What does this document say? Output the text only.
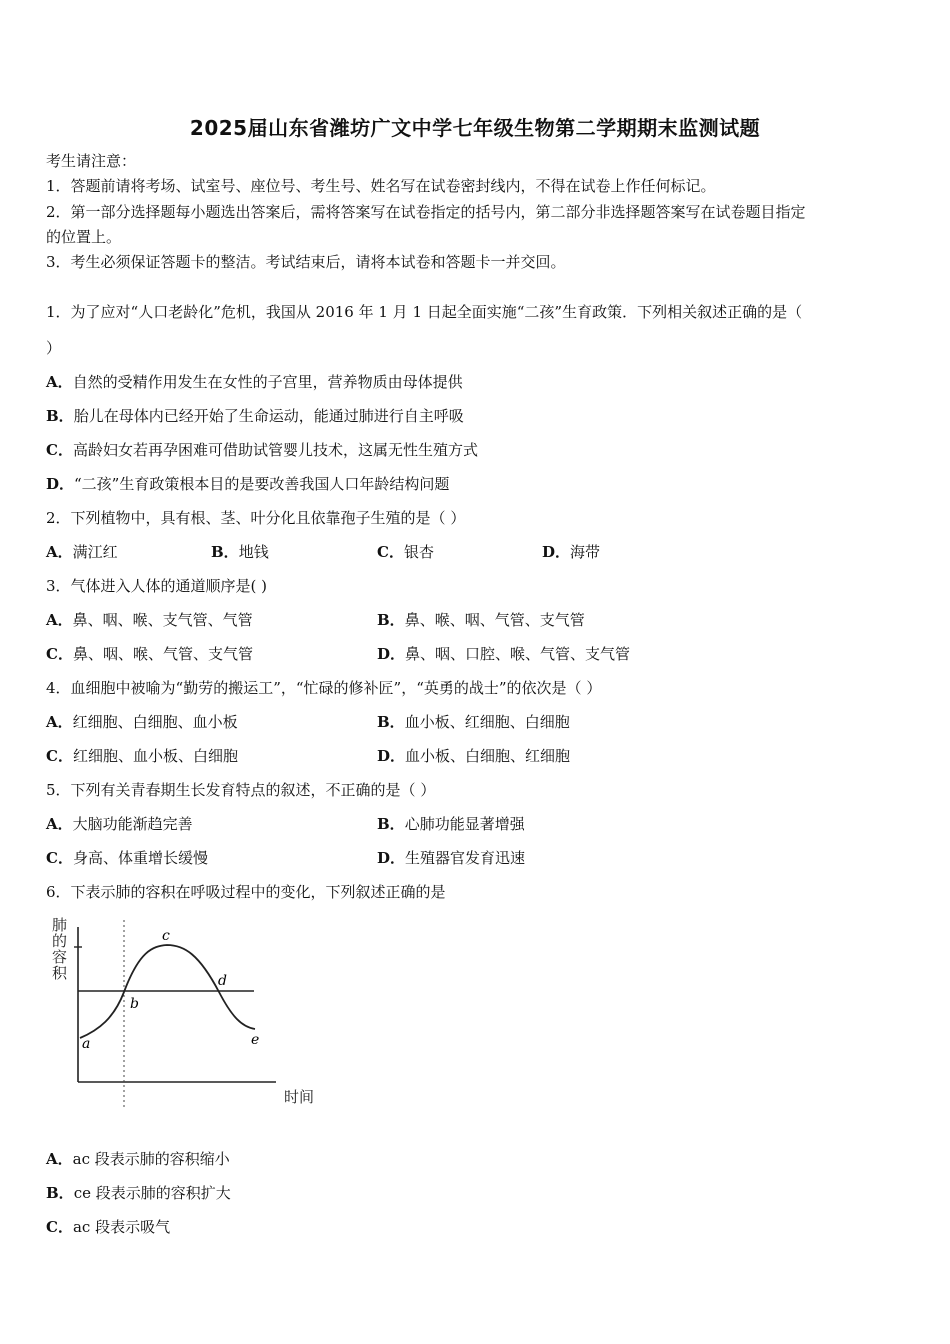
2025届山东省潍坊广文中学七年级生物第二学期期末监测试题
考生请注意：
1．答题前请将考场、试室号、座位号、考生号、姓名写在试卷密封线内，不得在试卷上作任何标记。
2．第一部分选择题每小题选出答案后，需将答案写在试卷指定的括号内，第二部分非选择题答案写在试卷题目指定
的位置上。
3．考生必须保证答题卡的整洁。考试结束后，请将本试卷和答题卡一并交回。
1．为了应对“人口老龄化”危机，我国从 2016 年 1 月 1 日起全面实施“二孩”生育政策．下列相关叙述正确的是（
）
A．自然的受精作用发生在女性的子宫里，营养物质由母体提供
B．胎儿在母体内已经开始了生命运动，能通过肺进行自主呼吸
C．高龄妇女若再孕困难可借助试管婴儿技术，这属无性生殖方式
D．“二孩”生育政策根本目的是要改善我国人口年龄结构问题
2．下列植物中，具有根、茎、叶分化且依靠孢子生殖的是（ ）
A．满江红	B．地钱	C．银杏	D．海带
3．气体进入人体的通道顺序是( )
A．鼻、咽、喉、支气管、气管	B．鼻、喉、咽、气管、支气管
C．鼻、咽、喉、气管、支气管	D．鼻、咽、口腔、喉、气管、支气管
4．血细胞中被喻为“勤劳的搬运工”，“忙碌的修补匠”，“英勇的战士”的依次是（ ）
A．红细胞、白细胞、血小板	B．血小板、红细胞、白细胞
C．红细胞、血小板、白细胞	D．血小板、白细胞、红细胞
5．下列有关青春期生长发育特点的叙述，不正确的是（ ）
A．大脑功能渐趋完善	B．心肺功能显著增强
C．身高、体重增长缓慢	D．生殖器官发育迅速
6．下表示肺的容积在呼吸过程中的变化，下列叙述正确的是
肺 的 容 积
时间
a
b
c
d
e
A．ac 段表示肺的容积缩小
B．ce 段表示肺的容积扩大
C．ac 段表示吸气
